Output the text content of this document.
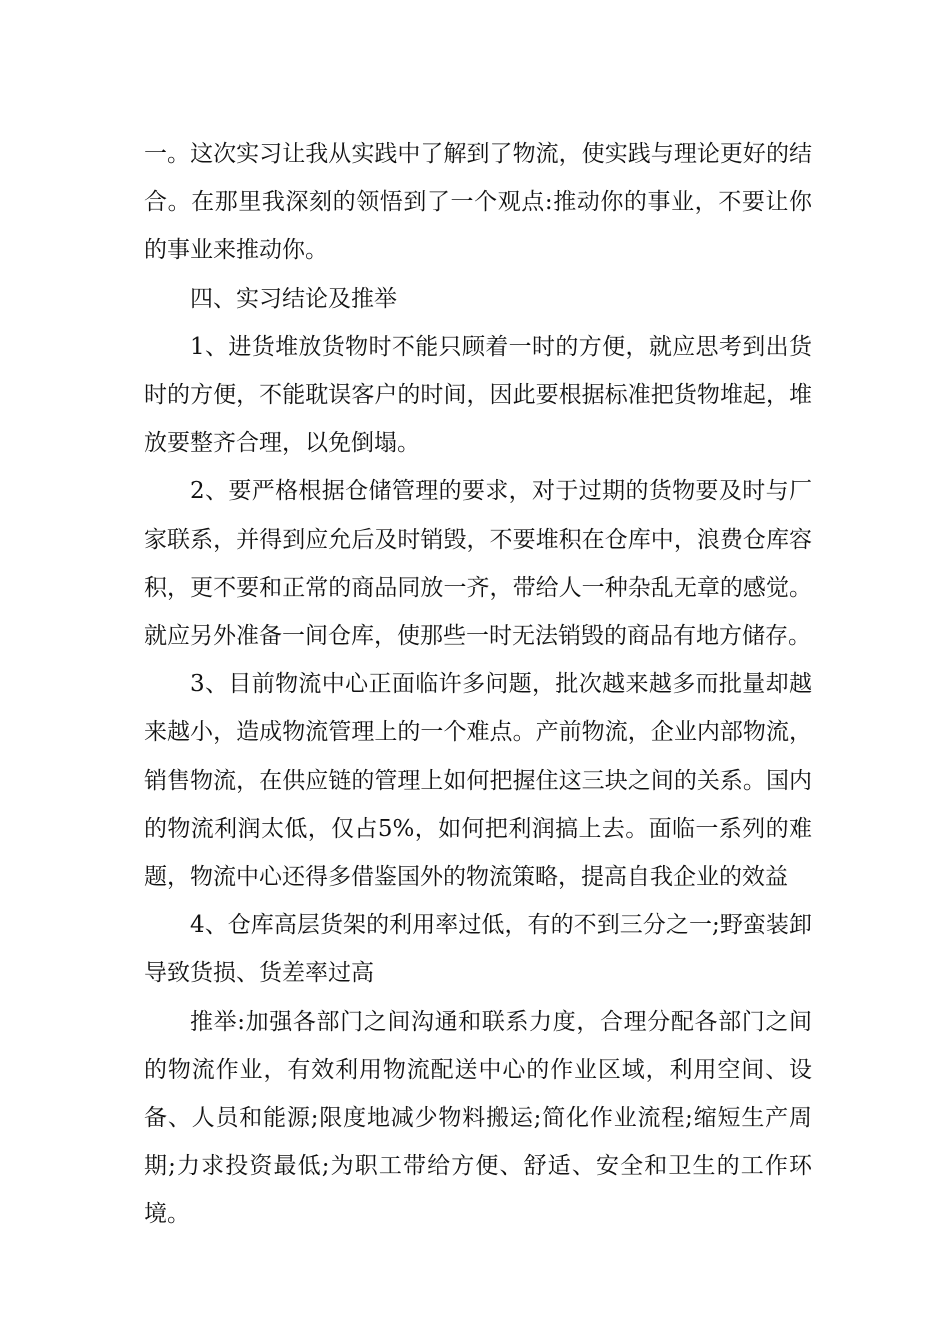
一。这次实习让我从实践中了解到了物流，使实践与理论更好的结合。在那里我深刻的领悟到了一个观点:推动你的事业，不要让你的事业来推动你。

四、实习结论及推举

1、进货堆放货物时不能只顾着一时的方便，就应思考到出货时的方便，不能耽误客户的时间，因此要根据标准把货物堆起，堆放要整齐合理，以免倒塌。

2、要严格根据仓储管理的要求，对于过期的货物要及时与厂家联系，并得到应允后及时销毁，不要堆积在仓库中，浪费仓库容积，更不要和正常的商品同放一齐，带给人一种杂乱无章的感觉。就应另外准备一间仓库，使那些一时无法销毁的商品有地方储存。

3、目前物流中心正面临许多问题，批次越来越多而批量却越来越小，造成物流管理上的一个难点。产前物流，企业内部物流，销售物流，在供应链的管理上如何把握住这三块之间的关系。国内的物流利润太低，仅占5%，如何把利润搞上去。面临一系列的难题，物流中心还得多借鉴国外的物流策略，提高自我企业的效益

4、仓库高层货架的利用率过低，有的不到三分之一;野蛮装卸导致货损、货差率过高

推举:加强各部门之间沟通和联系力度，合理分配各部门之间的物流作业，有效利用物流配送中心的作业区域，利用空间、设备、人员和能源;限度地减少物料搬运;简化作业流程;缩短生产周期;力求投资最低;为职工带给方便、舒适、安全和卫生的工作环境。
